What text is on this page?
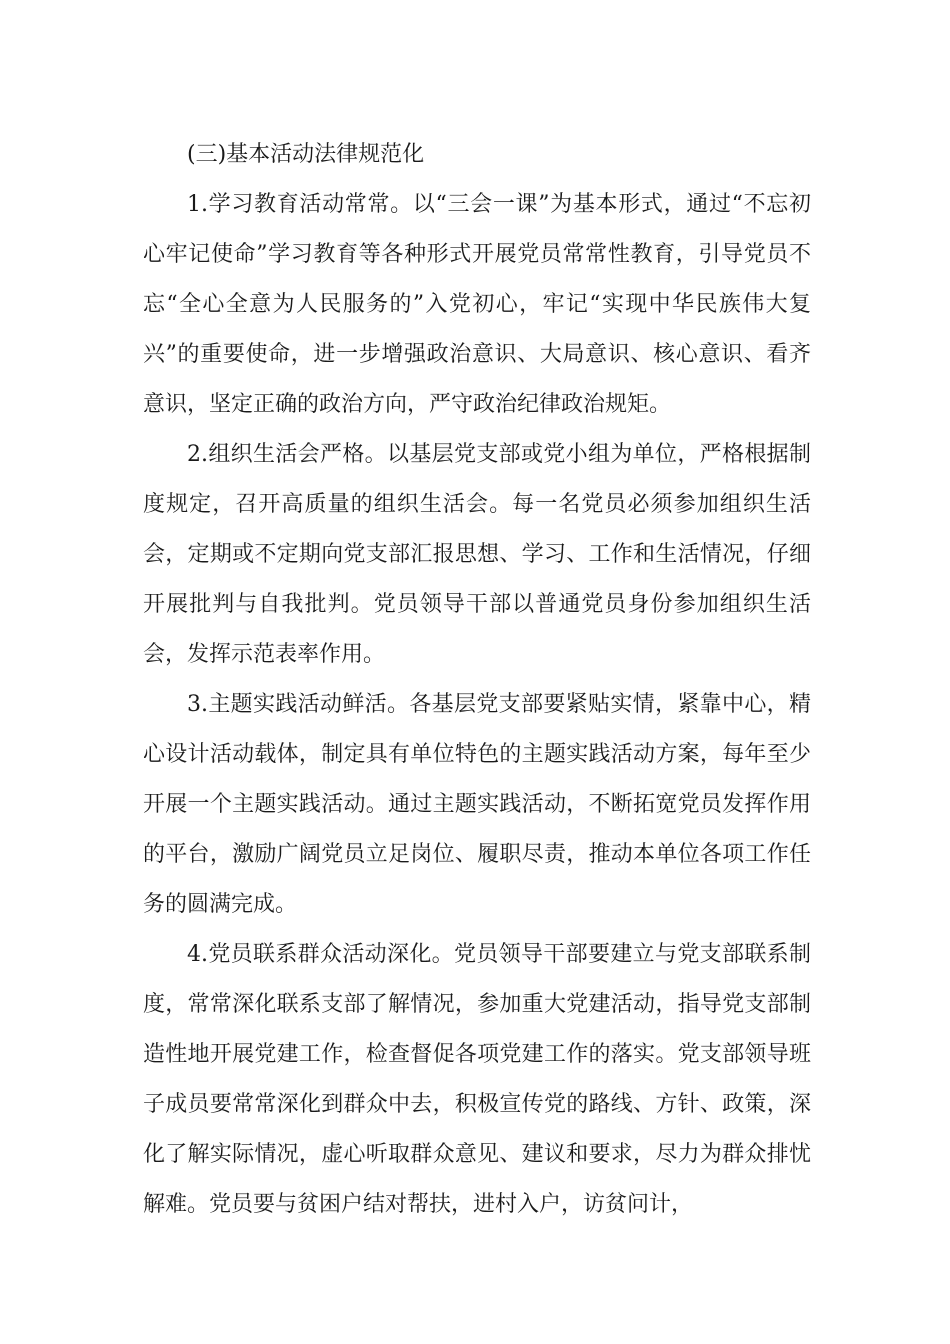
(三)基本活动法律规范化

1.学习教育活动常常。以“三会一课”为基本形式，通过“不忘初心牢记使命”学习教育等各种形式开展党员常常性教育，引导党员不忘“全心全意为人民服务的”入党初心，牢记“实现中华民族伟大复兴”的重要使命，进一步增强政治意识、大局意识、核心意识、看齐意识，坚定正确的政治方向，严守政治纪律政治规矩。

2.组织生活会严格。以基层党支部或党小组为单位，严格根据制度规定，召开高质量的组织生活会。每一名党员必须参加组织生活会，定期或不定期向党支部汇报思想、学习、工作和生活情况，仔细开展批判与自我批判。党员领导干部以普通党员身份参加组织生活会，发挥示范表率作用。

3.主题实践活动鲜活。各基层党支部要紧贴实情，紧靠中心，精心设计活动载体，制定具有单位特色的主题实践活动方案，每年至少开展一个主题实践活动。通过主题实践活动，不断拓宽党员发挥作用的平台，激励广阔党员立足岗位、履职尽责，推动本单位各项工作任务的圆满完成。

4.党员联系群众活动深化。党员领导干部要建立与党支部联系制度，常常深化联系支部了解情况，参加重大党建活动，指导党支部制造性地开展党建工作，检查督促各项党建工作的落实。党支部领导班子成员要常常深化到群众中去，积极宣传党的路线、方针、政策，深化了解实际情况，虚心听取群众意见、建议和要求，尽力为群众排忧解难。党员要与贫困户结对帮扶，进村入户，访贫问计，
